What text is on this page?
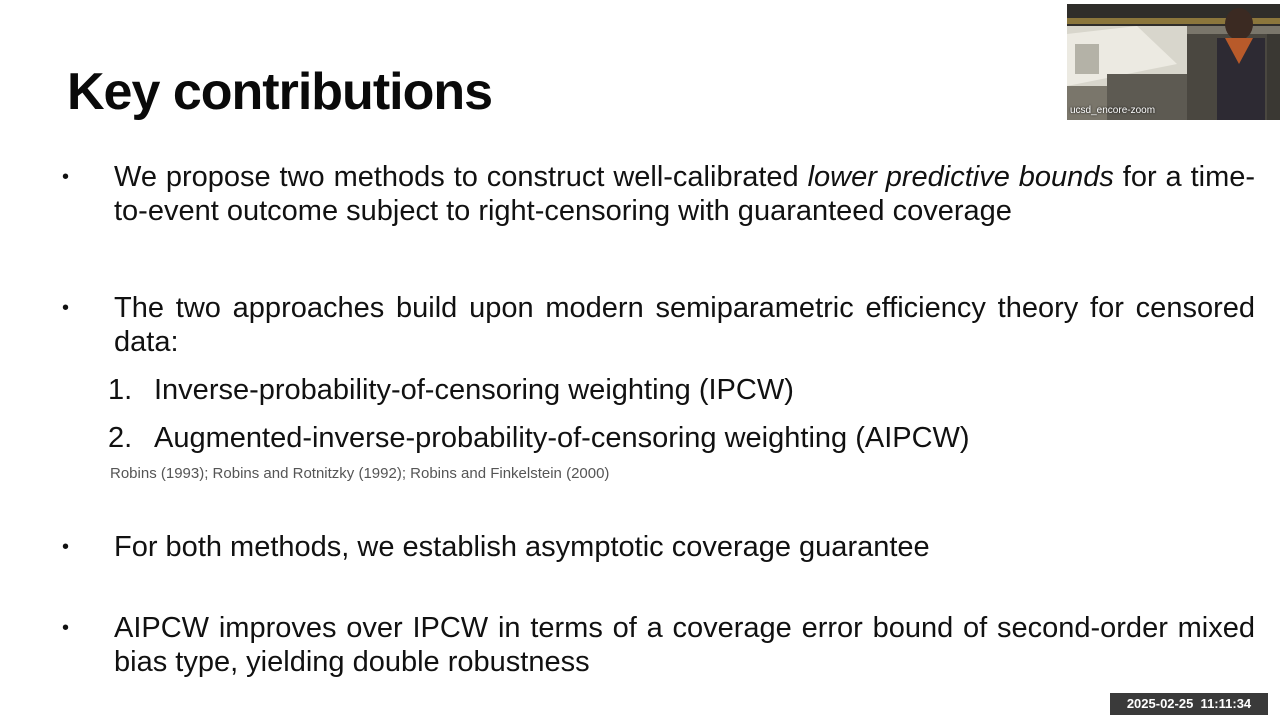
Key contributions
• We propose two methods to construct well-calibrated lower predictive bounds for a time-to-event outcome subject to right-censoring with guaranteed coverage
• The two approaches build upon modern semiparametric efficiency theory for censored data:
1. Inverse-probability-of-censoring weighting (IPCW)
2. Augmented-inverse-probability-of-censoring weighting (AIPCW)
Robins (1993); Robins and Rotnitzky (1992); Robins and Finkelstein (2000)
• For both methods, we establish asymptotic coverage guarantee
• AIPCW improves over IPCW in terms of a coverage error bound of second-order mixed bias type, yielding double robustness
ucsd_encore-zoom
2025-02-25  11:11:34
